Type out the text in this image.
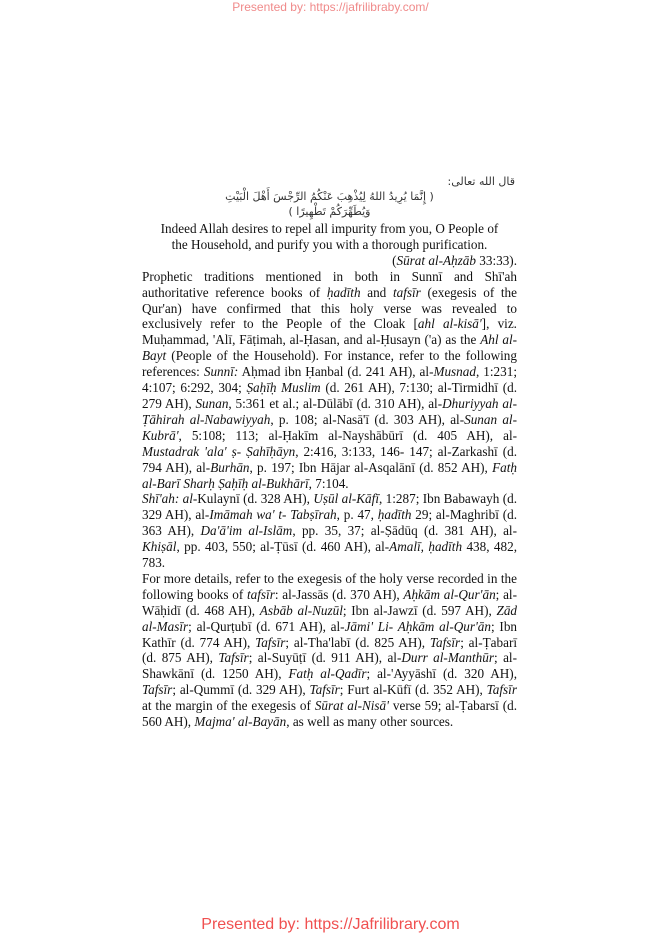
Presented by: https://jafrilibraby.com/
قال الله تعالى:
( إِنَّمَا يُرِيدُ اللهُ لِيُذْهِبَ عَنْكُمُ الرِّجْسَ أَهْلَ الْبَيْتِ
وَيُطَهِّرَكُمْ تَطْهِيرًا )
Indeed Allah desires to repel all impurity from you, O People of
the Household, and purify you with a thorough purification.
(Sūrat al-Aḥzāb 33:33).

Prophetic traditions mentioned in both in Sunnī and Shī'ah authoritative reference books of ḥadīth and tafsīr (exegesis of the Qur'an) have confirmed that this holy verse was revealed to exclusively refer to the People of the Cloak [ahl al-kisā'], viz. Muḥammad, 'Alī, Fāṭimah, al-Ḥasan, and al-Ḥusayn ('a) as the Ahl al-Bayt (People of the Household). For instance, refer to the following references: Sunnī: Aḥmad ibn Ḥanbal (d. 241 AH), al-Musnad, 1:231; 4:107; 6:292, 304; Ṣaḥīḥ Muslim (d. 261 AH), 7:130; al-Tirmidhī (d. 279 AH), Sunan, 5:361 et al.; al-Dūlābī (d. 310 AH), al-Dhuriyyah al-Ṭāhirah al-Nabawiyyah, p. 108; al-Nasā'ī (d. 303 AH), al-Sunan al-Kubrā', 5:108; 113; al-Ḥakīm al-Nayshābūrī (d. 405 AH), al-Mustadrak 'ala' ṣ- Ṣahīḥāyn, 2:416, 3:133, 146- 147; al-Zarkashī (d. 794 AH), al-Burhān, p. 197; Ibn Hājar al-Asqalānī (d. 852 AH), Fatḥ al-Barī Sharḥ Ṣaḥīḥ al-Bukhārī, 7:104.

Shī'ah: al-Kulaynī (d. 328 AH), Uṣūl al-Kāfī, 1:287; Ibn Babawayh (d. 329 AH), al-Imāmah wa' t- Tabṣīrah, p. 47, ḥadīth 29; al-Maghribī (d. 363 AH), Da'ā'im al-Islām, pp. 35, 37; al-Ṣādūq (d. 381 AH), al-Khiṣāl, pp. 403, 550; al-Ṭūsī (d. 460 AH), al-Amalī, ḥadīth 438, 482, 783.

For more details, refer to the exegesis of the holy verse recorded in the following books of tafsīr: al-Jassās (d. 370 AH), Aḥkām al-Qur'ān; al-Wāḥidī (d. 468 AH), Asbāb al-Nuzūl; Ibn al-Jawzī (d. 597 AH), Zād al-Masīr; al-Qurṭubī (d. 671 AH), al-Jāmi' Li- Aḥkām al-Qur'ān; Ibn Kathīr (d. 774 AH), Tafsīr; al-Tha'labī (d. 825 AH), Tafsīr; al-Ṭabarī (d. 875 AH), Tafsīr; al-Suyūṭī (d. 911 AH), al-Durr al-Manthūr; al-Shawkānī (d. 1250 AH), Fatḥ al-Qadīr; al-'Ayyāshī (d. 320 AH), Tafsīr; al-Qummī (d. 329 AH), Tafsīr; Furt al-Kūfī (d. 352 AH), Tafsīr at the margin of the exegesis of Sūrat al-Nisā' verse 59; al-Ṭabarsī (d. 560 AH), Majma' al-Bayān, as well as many other sources.

Presented by: https://Jafrilibrary.com
